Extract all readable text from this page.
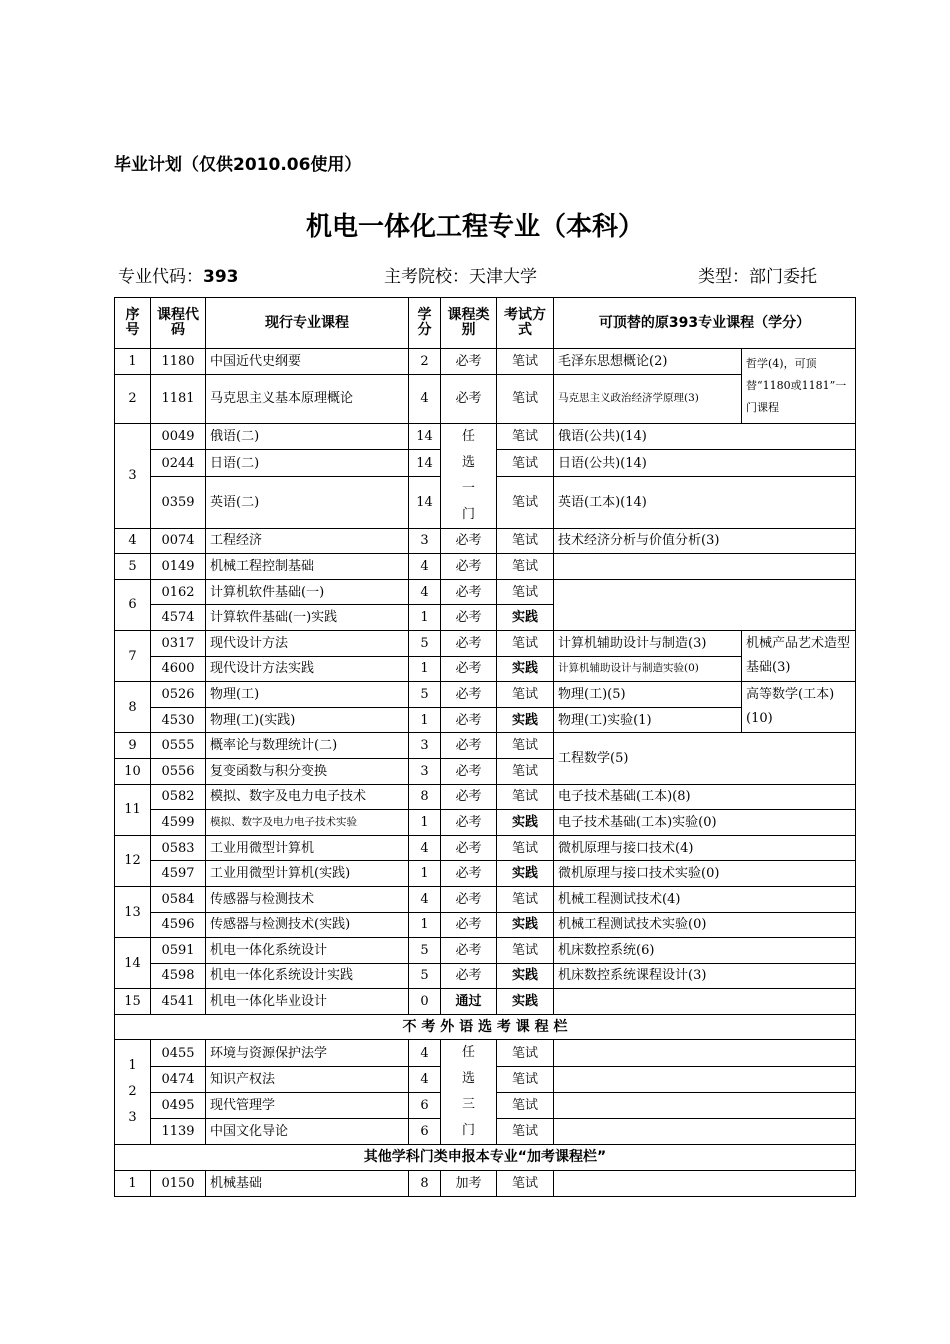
毕业计划（仅供2010.06使用）
机电一体化工程专业（本科）
专业代码：393	主考院校：天津大学	类型：部门委托
序号	课程代码	现行专业课程	学分	课程类别	考试方式	可顶替的原393专业课程（学分）	
1	1180	中国近代史纲要	2	必考	笔试	毛泽东思想概论(2)	哲学(4)，可顶替“1180或1181”一门课程
2	1181	马克思主义基本原理概论	4	必考	笔试	马克思主义政治经济学原理(3)	
3	0049	俄语(二)	14	任选一门	笔试	俄语(公共)(14)	
	0244	日语(二)	14		笔试	日语(公共)(14)	
	0359	英语(二)	14		笔试	英语(工本)(14)	
4	0074	工程经济	3	必考	笔试	技术经济分析与价值分析(3)	
5	0149	机械工程控制基础	4	必考	笔试		
6	0162	计算机软件基础(一)	4	必考	笔试		
	4574	计算软件基础(一)实践	1	必考	实践		
7	0317	现代设计方法	5	必考	笔试	计算机辅助设计与制造(3)	机械产品艺术造型基础(3)
	4600	现代设计方法实践	1	必考	实践	计算机辅助设计与制造实验(0)	
8	0526	物理(工)	5	必考	笔试	物理(工)(5)	高等数学(工本)(10)
	4530	物理(工)(实践)	1	必考	实践	物理(工)实验(1)	
9	0555	概率论与数理统计(二)	3	必考	笔试	工程数学(5)	
10	0556	复变函数与积分变换	3	必考	笔试		
11	0582	模拟、数字及电力电子技术	8	必考	笔试	电子技术基础(工本)(8)	
	4599	模拟、数字及电力电子技术实验	1	必考	实践	电子技术基础(工本)实验(0)	
12	0583	工业用微型计算机	4	必考	笔试	微机原理与接口技术(4)	
	4597	工业用微型计算机(实践)	1	必考	实践	微机原理与接口技术实验(0)	
13	0584	传感器与检测技术	4	必考	笔试	机械工程测试技术(4)	
	4596	传感器与检测技术(实践)	1	必考	实践	机械工程测试技术实验(0)	
14	0591	机电一体化系统设计	5	必考	笔试	机床数控系统(6)	
	4598	机电一体化系统设计实践	5	必考	实践	机床数控系统课程设计(3)	
15	4541	机电一体化毕业设计	0	通过	实践		
不 考 外 语 选 考 课 程 栏							
123	0455	环境与资源保护法学	4	任选三门	笔试		
	0474	知识产权法	4		笔试		
	0495	现代管理学	6		笔试		
	1139	中国文化导论	6		笔试		
其他学科门类申报本专业“加考课程栏”							
1	0150	机械基础	8	加考	笔试		
